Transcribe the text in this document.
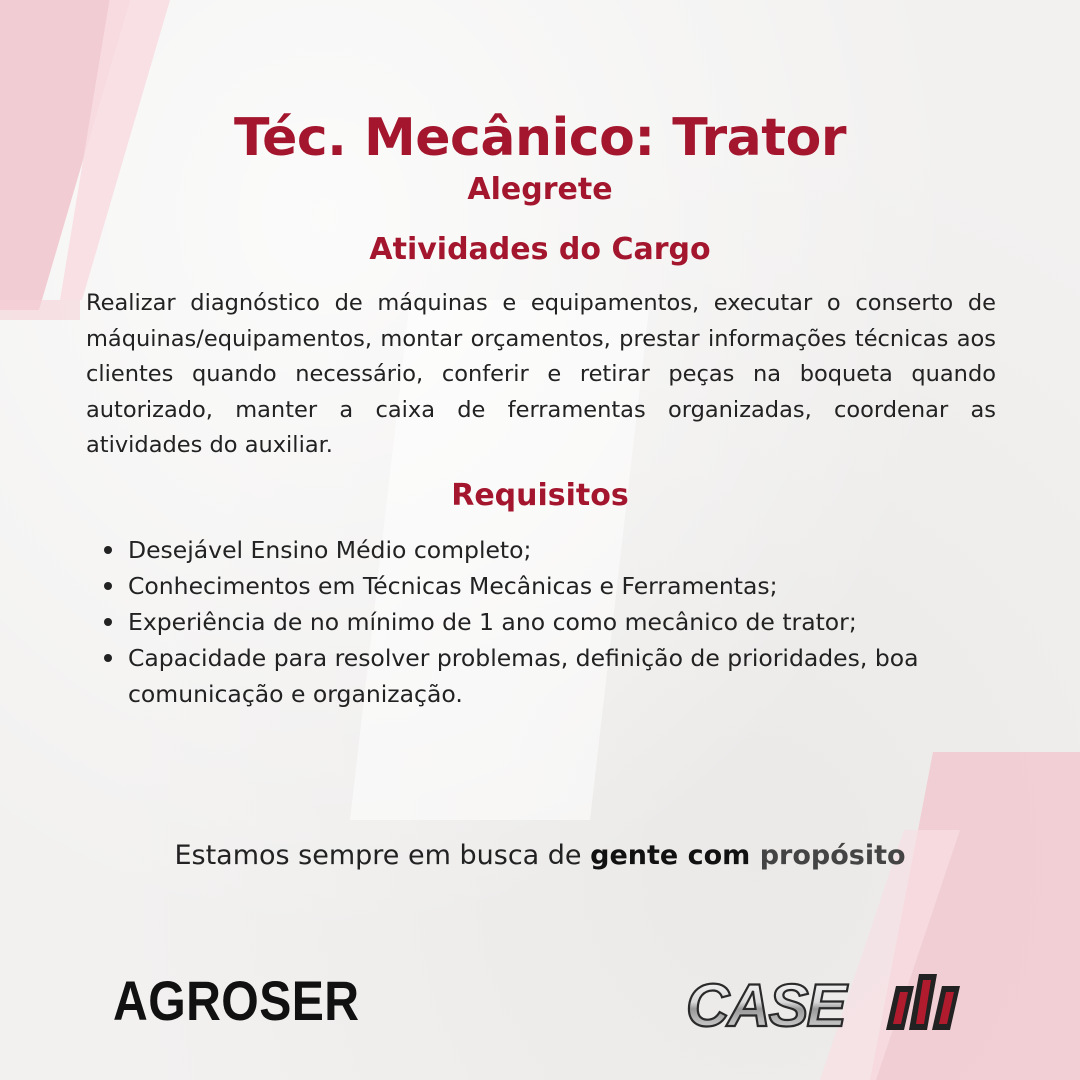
Téc. Mecânico: Trator
Alegrete
Atividades do Cargo

Realizar diagnóstico de máquinas e equipamentos, executar o conserto de máquinas/equipamentos, montar orçamentos, prestar informações técnicas aos clientes quando necessário, conferir e retirar peças na boqueta quando autorizado, manter a caixa de ferramentas organizadas, coordenar as atividades do auxiliar.

Requisitos
Desejável Ensino Médio completo;
Conhecimentos em Técnicas Mecânicas e Ferramentas;
Experiência de no mínimo de 1 ano como mecânico de trator;
Capacidade para resolver problemas, definição de prioridades, boa comunicação e organização.

Estamos sempre em busca de gente com propósito

AGROSER	CASE
